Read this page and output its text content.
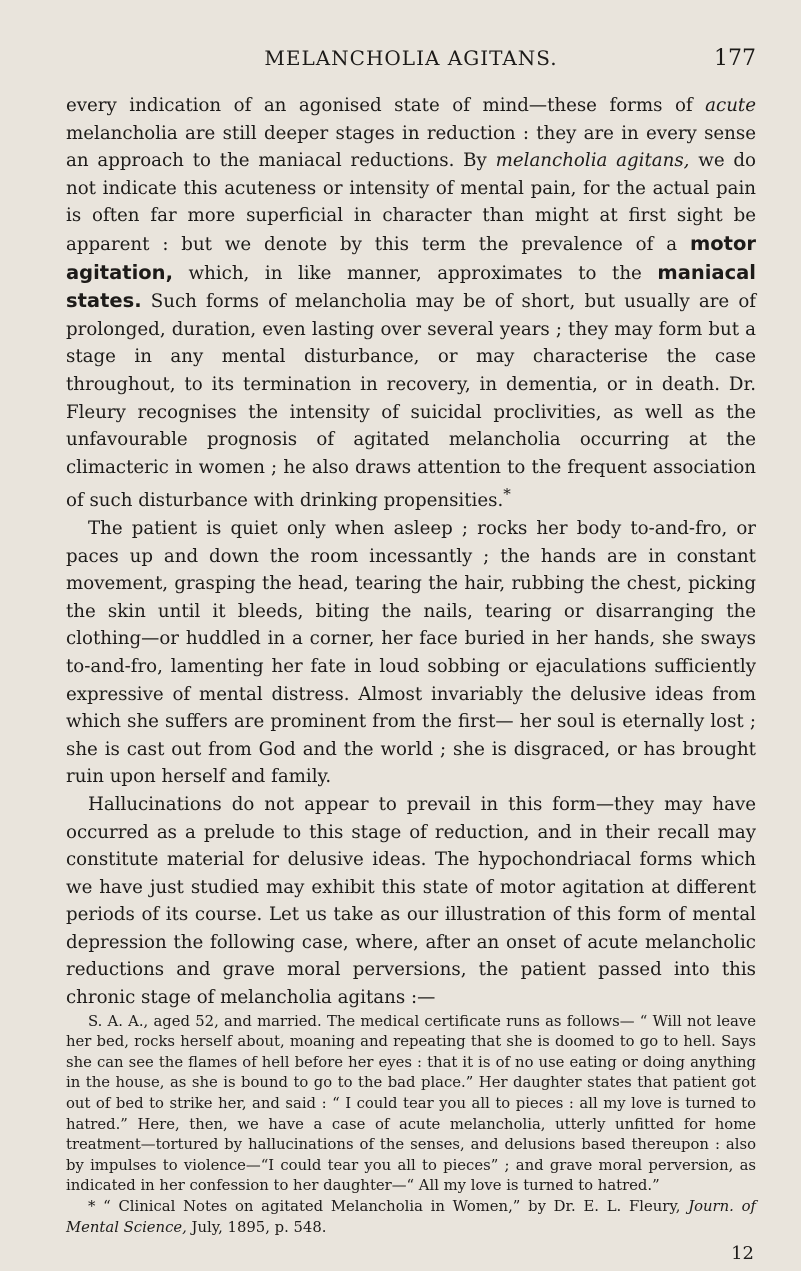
MELANCHOLIA AGITANS.	177

every indication of an agonised state of mind—these forms of acute melancholia are still deeper stages in reduction : they are in every sense an approach to the maniacal reductions. By melancholia agitans, we do not indicate this acuteness or intensity of mental pain, for the actual pain is often far more superficial in character than might at first sight be apparent : but we denote by this term the prevalence of a motor agitation, which, in like manner, approximates to the maniacal states. Such forms of melancholia may be of short, but usually are of prolonged, duration, even lasting over several years ; they may form but a stage in any mental disturbance, or may characterise the case throughout, to its termination in recovery, in dementia, or in death. Dr. Fleury recognises the intensity of suicidal proclivities, as well as the unfavourable prognosis of agitated melancholia occurring at the climacteric in women ; he also draws attention to the frequent association of such disturbance with drinking propensities.*

The patient is quiet only when asleep ; rocks her body to-and-fro, or paces up and down the room incessantly ; the hands are in constant movement, grasping the head, tearing the hair, rubbing the chest, picking the skin until it bleeds, biting the nails, tearing or disarranging the clothing—or huddled in a corner, her face buried in her hands, she sways to-and-fro, lamenting her fate in loud sobbing or ejaculations sufficiently expressive of mental distress. Almost invariably the delusive ideas from which she suffers are prominent from the first— her soul is eternally lost ; she is cast out from God and the world ; she is disgraced, or has brought ruin upon herself and family.

Hallucinations do not appear to prevail in this form—they may have occurred as a prelude to this stage of reduction, and in their recall may constitute material for delusive ideas. The hypochondriacal forms which we have just studied may exhibit this state of motor agitation at different periods of its course. Let us take as our illustration of this form of mental depression the following case, where, after an onset of acute melancholic reductions and grave moral perversions, the patient passed into this chronic stage of melancholia agitans :—

S. A. A., aged 52, and married. The medical certificate runs as follows— “ Will not leave her bed, rocks herself about, moaning and repeating that she is doomed to go to hell. Says she can see the flames of hell before her eyes : that it is of no use eating or doing anything in the house, as she is bound to go to the bad place.” Her daughter states that patient got out of bed to strike her, and said : “ I could tear you all to pieces : all my love is turned to hatred.” Here, then, we have a case of acute melancholia, utterly unfitted for home treatment—tortured by hallucinations of the senses, and delusions based thereupon : also by impulses to violence—“I could tear you all to pieces” ; and grave moral perversion, as indicated in her confession to her daughter—“ All my love is turned to hatred.”

* “ Clinical Notes on agitated Melancholia in Women,” by Dr. E. L. Fleury, Journ. of Mental Science, July, 1895, p. 548.

12
